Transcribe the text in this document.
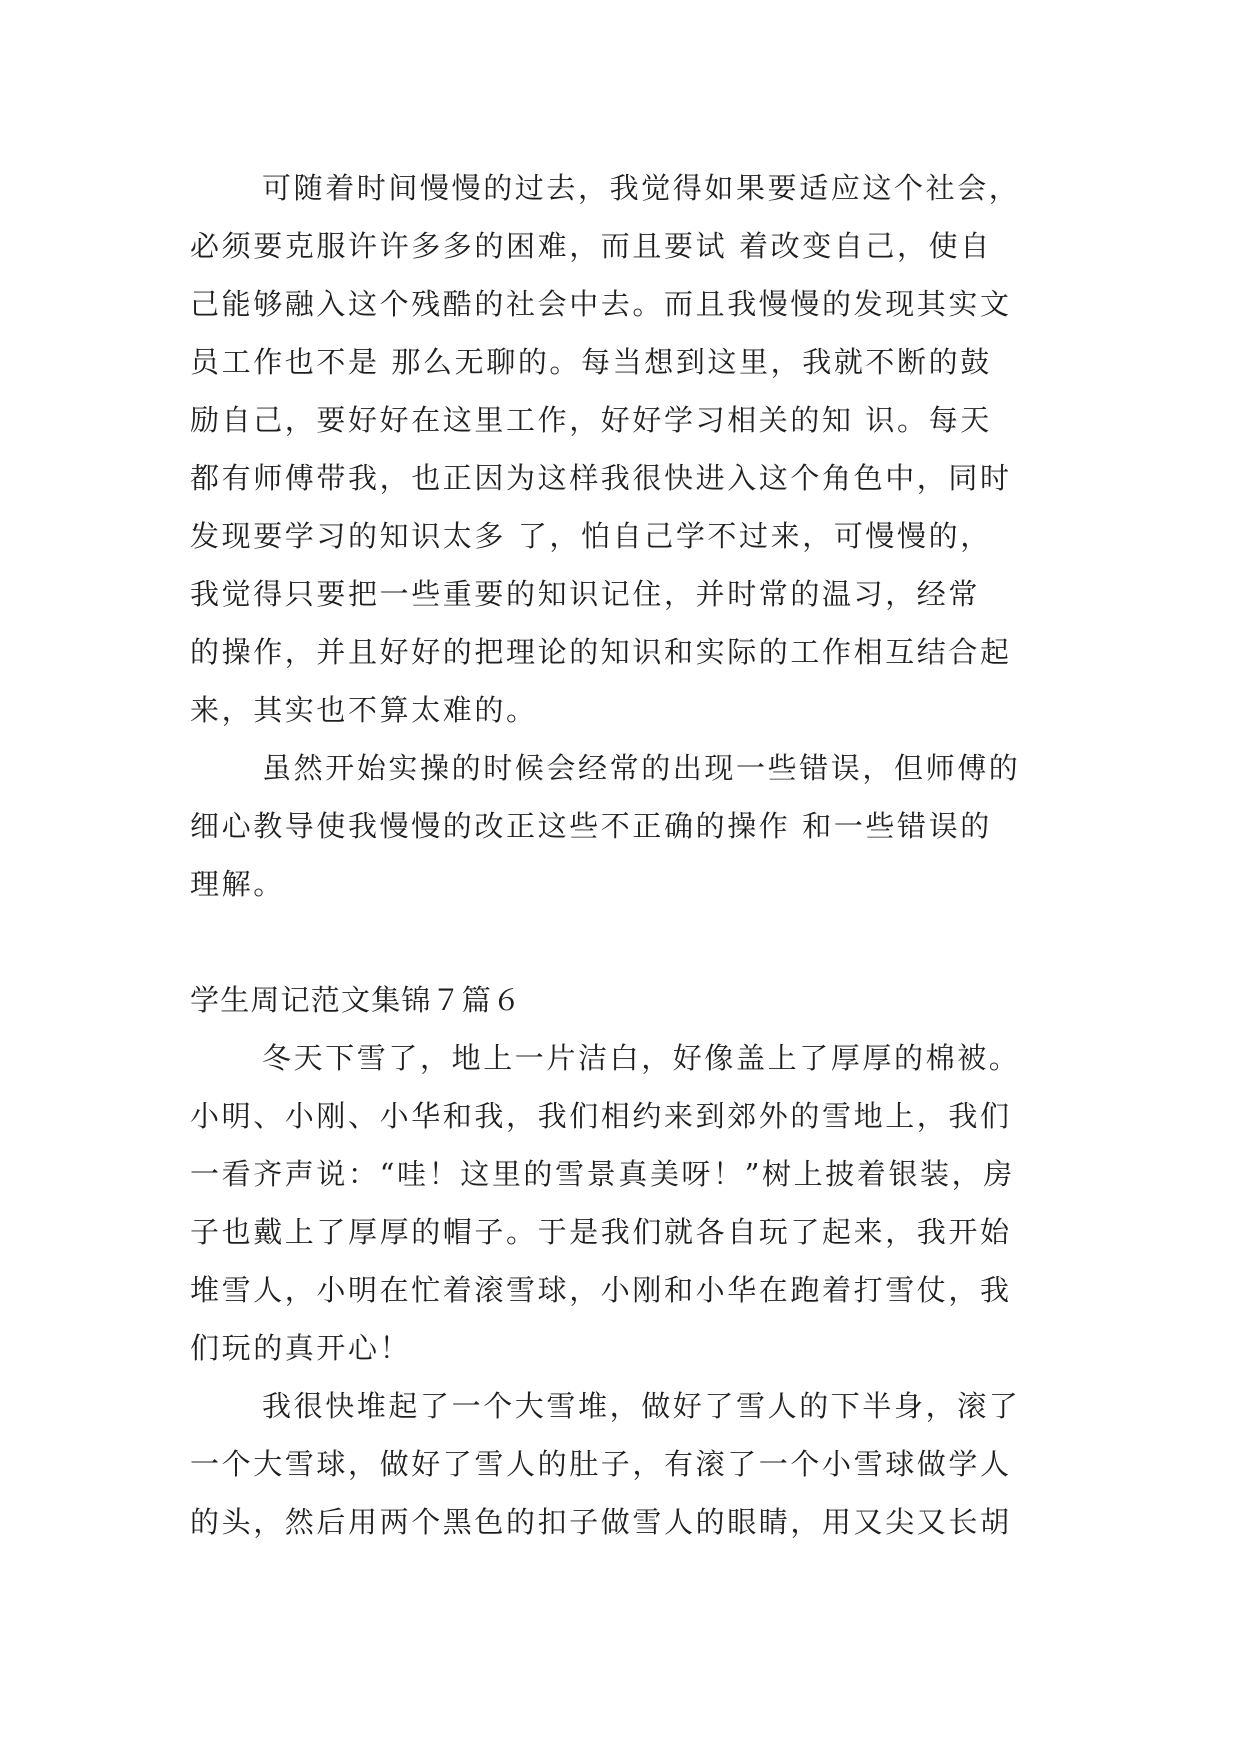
可随着时间慢慢的过去，我觉得如果要适应这个社会，

必须要克服许许多多的困难，而且要试 着改变自己，使自

己能够融入这个残酷的社会中去。而且我慢慢的发现其实文

员工作也不是 那么无聊的。每当想到这里，我就不断的鼓

励自己，要好好在这里工作，好好学习相关的知 识。每天

都有师傅带我，也正因为这样我很快进入这个角色中，同时

发现要学习的知识太多 了，怕自己学不过来，可慢慢的，

我觉得只要把一些重要的知识记住，并时常的温习，经常

的操作，并且好好的把理论的知识和实际的工作相互结合起

来，其实也不算太难的。

虽然开始实操的时候会经常的出现一些错误，但师傅的

细心教导使我慢慢的改正这些不正确的操作 和一些错误的

理解。

学生周记范文集锦７篇６

冬天下雪了，地上一片洁白，好像盖上了厚厚的棉被。

小明、小刚、小华和我，我们相约来到郊外的雪地上，我们

一看齐声说：“哇！这里的雪景真美呀！”树上披着银装，房

子也戴上了厚厚的帽子。于是我们就各自玩了起来，我开始

堆雪人，小明在忙着滚雪球，小刚和小华在跑着打雪仗，我

们玩的真开心！

我很快堆起了一个大雪堆，做好了雪人的下半身，滚了

一个大雪球，做好了雪人的肚子，有滚了一个小雪球做学人

的头，然后用两个黑色的扣子做雪人的眼睛，用又尖又长胡
